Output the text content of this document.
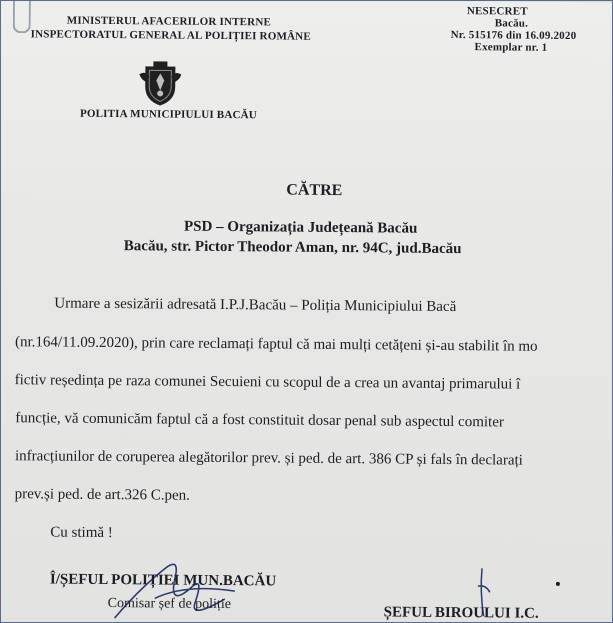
MINISTERUL AFACERILOR INTERNE
INSPECTORATUL GENERAL AL POLIȚIEI ROMÂNE
NESECRET
Bacău.
Nr. 515176 din 16.09.2020
Exemplar nr. 1
POLITIA MUNICIPIULUI BACĂU
CĂTRE
PSD – Organizația Județeană Bacău
Bacău, str. Pictor Theodor Aman, nr. 94C, jud.Bacău
Urmare a sesizării adresată I.P.J.Bacău – Poliția Municipiului Bacă
(nr.164/11.09.2020), prin care reclamați faptul că mai mulți cetățeni și-au stabilit în mo
fictiv reședința pe raza comunei Secuieni cu scopul de a crea un avantaj primarului î
funcție, vă comunicăm faptul că a fost constituit dosar penal sub aspectul comiter
infracțiunilor de coruperea alegătorilor prev. și ped. de art. 386 CP și fals în declarați
prev.și ped. de art.326 C.pen.
Cu stimă !
Î/ȘEFUL POLIȚIEI MUN.BACĂU
Comisar șef de poliție
ȘEFUL BIROULUI I.C.
